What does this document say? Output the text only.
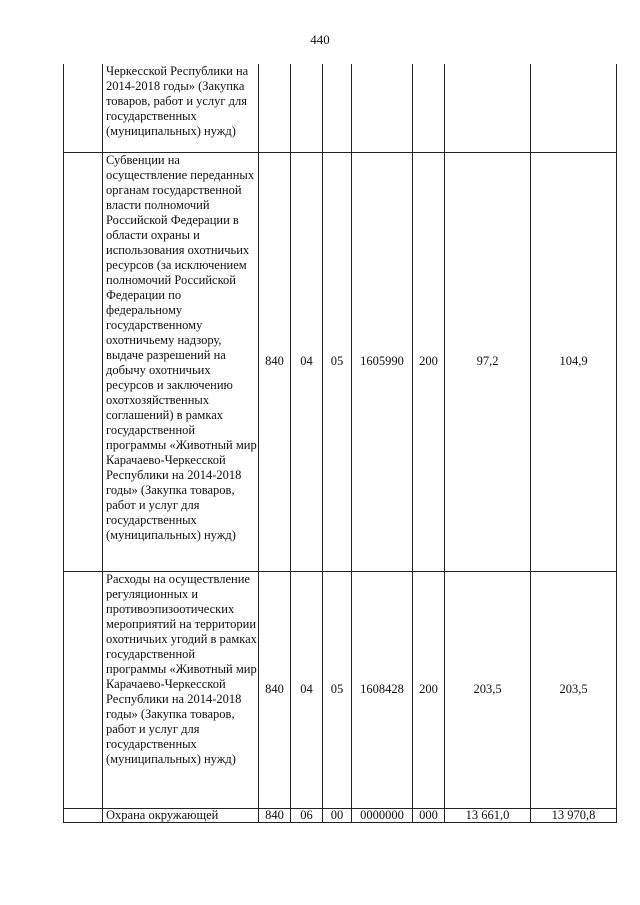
440

	Черкесской Республики на 2014-2018 годы» (Закупка товаров, работ и услуг для государственных (муниципальных) нужд)							

	Субвенции на осуществление переданных органам государственной власти полномочий Российской Федерации в области охраны и использования охотничьих ресурсов (за исключением полномочий Российской Федерации по федеральному государственному охотничьему надзору, выдаче разрешений на добычу охотничьих ресурсов и заключению охотхозяйственных соглашений) в рамках государственной программы «Животный мир Карачаево-Черкесской Республики на 2014-2018 годы» (Закупка товаров, работ и услуг для государственных (муниципальных) нужд)	840	04	05	1605990	200	97,2	104,9

	Расходы на осуществление регуляционных и противоэпизоотических мероприятий на территории охотничьих угодий в рамках государственной программы «Животный мир Карачаево-Черкесской Республики на 2014-2018 годы» (Закупка товаров, работ и услуг для государственных (муниципальных) нужд)	840	04	05	1608428	200	203,5	203,5

	Охрана окружающей	840	06	00	0000000	000	13 661,0	13 970,8
